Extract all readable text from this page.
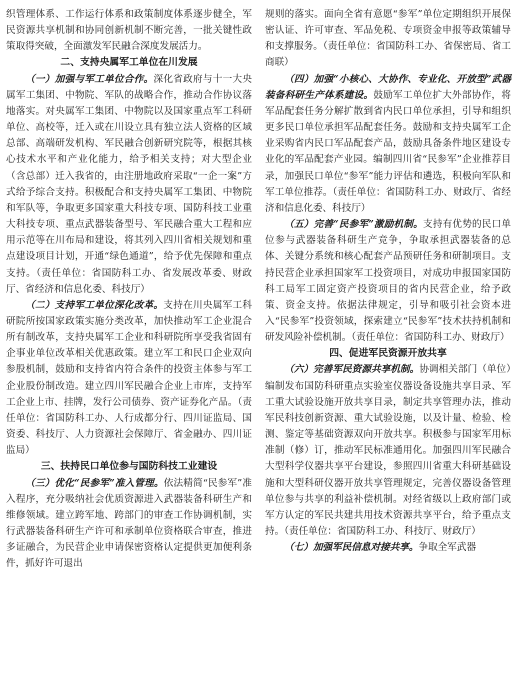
织管理体系、工作运行体系和政策制度体系逐步健全，军民资源共享机制和协同创新机制不断完善，一批关键性政策取得突破，全面激发军民融合深度发展活力。

二、支持央属军工单位在川发展

（一）加强与军工单位合作。深化省政府与十一大央属军工集团、中物院、军队的战略合作，推动合作协议落地落实。对央属军工集团、中物院以及国家重点军工科研单位、高校等，迁入或在川设立具有独立法人资格的区域总部、高端研发机构、军民融合创新研究院等，根据其核心技术水平和产业化能力，给予相关支持；对大型企业（含总部）迁入我省的，由注册地政府采取“一企一案”方式给予综合支持。积极配合和支持央属军工集团、中物院和军队等，争取更多国家重大科技专项、国防科技工业重大科技专项、重点武器装备型号、军民融合重大工程和应用示范等在川布局和建设，将其列入四川省相关规划和重点建设项目计划，开通“绿色通道”，给予优先保障和重点支持。（责任单位：省国防科工办、省发展改革委、财政厅、省经济和信息化委、科技厅）

（二）支持军工单位深化改革。支持在川央属军工科研院所按国家政策实施分类改革，加快推动军工企业混合所有制改革，支持央属军工企业和科研院所享受我省固有企事业单位改革相关优惠政策。建立军工和民口企业双向参股机制，鼓励和支持省内符合条件的投资主体参与军工企业股份制改造。建立四川军民融合企业上市库，支持军工企业上市、挂牌，发行公司债券、资产证券化产品。（责任单位：省国防科工办、人行成都分行、四川证监局、国资委、科技厅、人力资源社会保障厅、省金融办、四川证监局）

三、扶持民口单位参与国防科技工业建设

（三）优化“民参军”准入管理。依法精简“民参军”准入程序，充分吸纳社会优质资源进入武器装备科研生产和维修领域。建立跨军地、跨部门的审查工作协调机制，实行武器装备科研生产许可和承制单位资格联合审查，推进多证融合，为民营企业申请保密资格认定提供更加便利条件，抓好许可退出

规则的落实。面向全省有意愿“参军”单位定期组织开展保密认证、许可审查、军品免税、专项资金申报等政策辅导和支撑服务。（责任单位：省国防科工办、省保密局、省工商联）

（四）加强“小核心、大协作、专业化、开放型”武器装备科研生产体系建设。鼓励军工单位扩大外部协作，将军品配套任务分解扩散到省内民口单位承担，引导和组织更多民口单位承担军品配套任务。鼓励和支持央属军工企业采购省内民口军品配套产品，鼓励具备条件地区建设专业化的军品配套产业园。编制四川省“民参军”企业推荐目录，加强民口单位“参军”能力评估和遴选，积极向军队和军工单位推荐。（责任单位：省国防科工办、财政厅、省经济和信息化委、科技厅）

（五）完善“民参军”激励机制。支持有优势的民口单位参与武器装备科研生产竞争，争取承担武器装备的总体、关键分系统和核心配套产品预研任务和研制项目。支持民营企业承担国家军工投资项目，对成功申报国家国防科工局军工固定资产投资项目的省内民营企业，给予政策、资金支持。依据法律规定，引导和吸引社会资本进入“民参军”投资领域，探索建立“民参军”技术扶持机制和研发风险补偿机制。（责任单位：省国防科工办、财政厅）

四、促进军民资源开放共享

（六）完善军民资源共享机制。协调相关部门（单位）编制发布国防科研重点实验室仪器设备设施共享目录、军工重大试验设施开放共享目录，制定共享管理办法，推动军民科技创新资源、重大试验设施，以及计量、检验、检测、鉴定等基础资源双向开放共享。积极参与国家军用标准制（修）订，推动军民标准通用化。加强四川军民融合大型科学仪器共享平台建设，参照四川省重大科研基础设施和大型科研仪器开放共享管理规定，完善仪器设备管理单位参与共享的利益补偿机制。对经省级以上政府部门或军方认定的军民共建共用技术资源共享平台，给予重点支持。（责任单位：省国防科工办、科技厅、财政厅）

（七）加强军民信息对接共享。争取全军武器
